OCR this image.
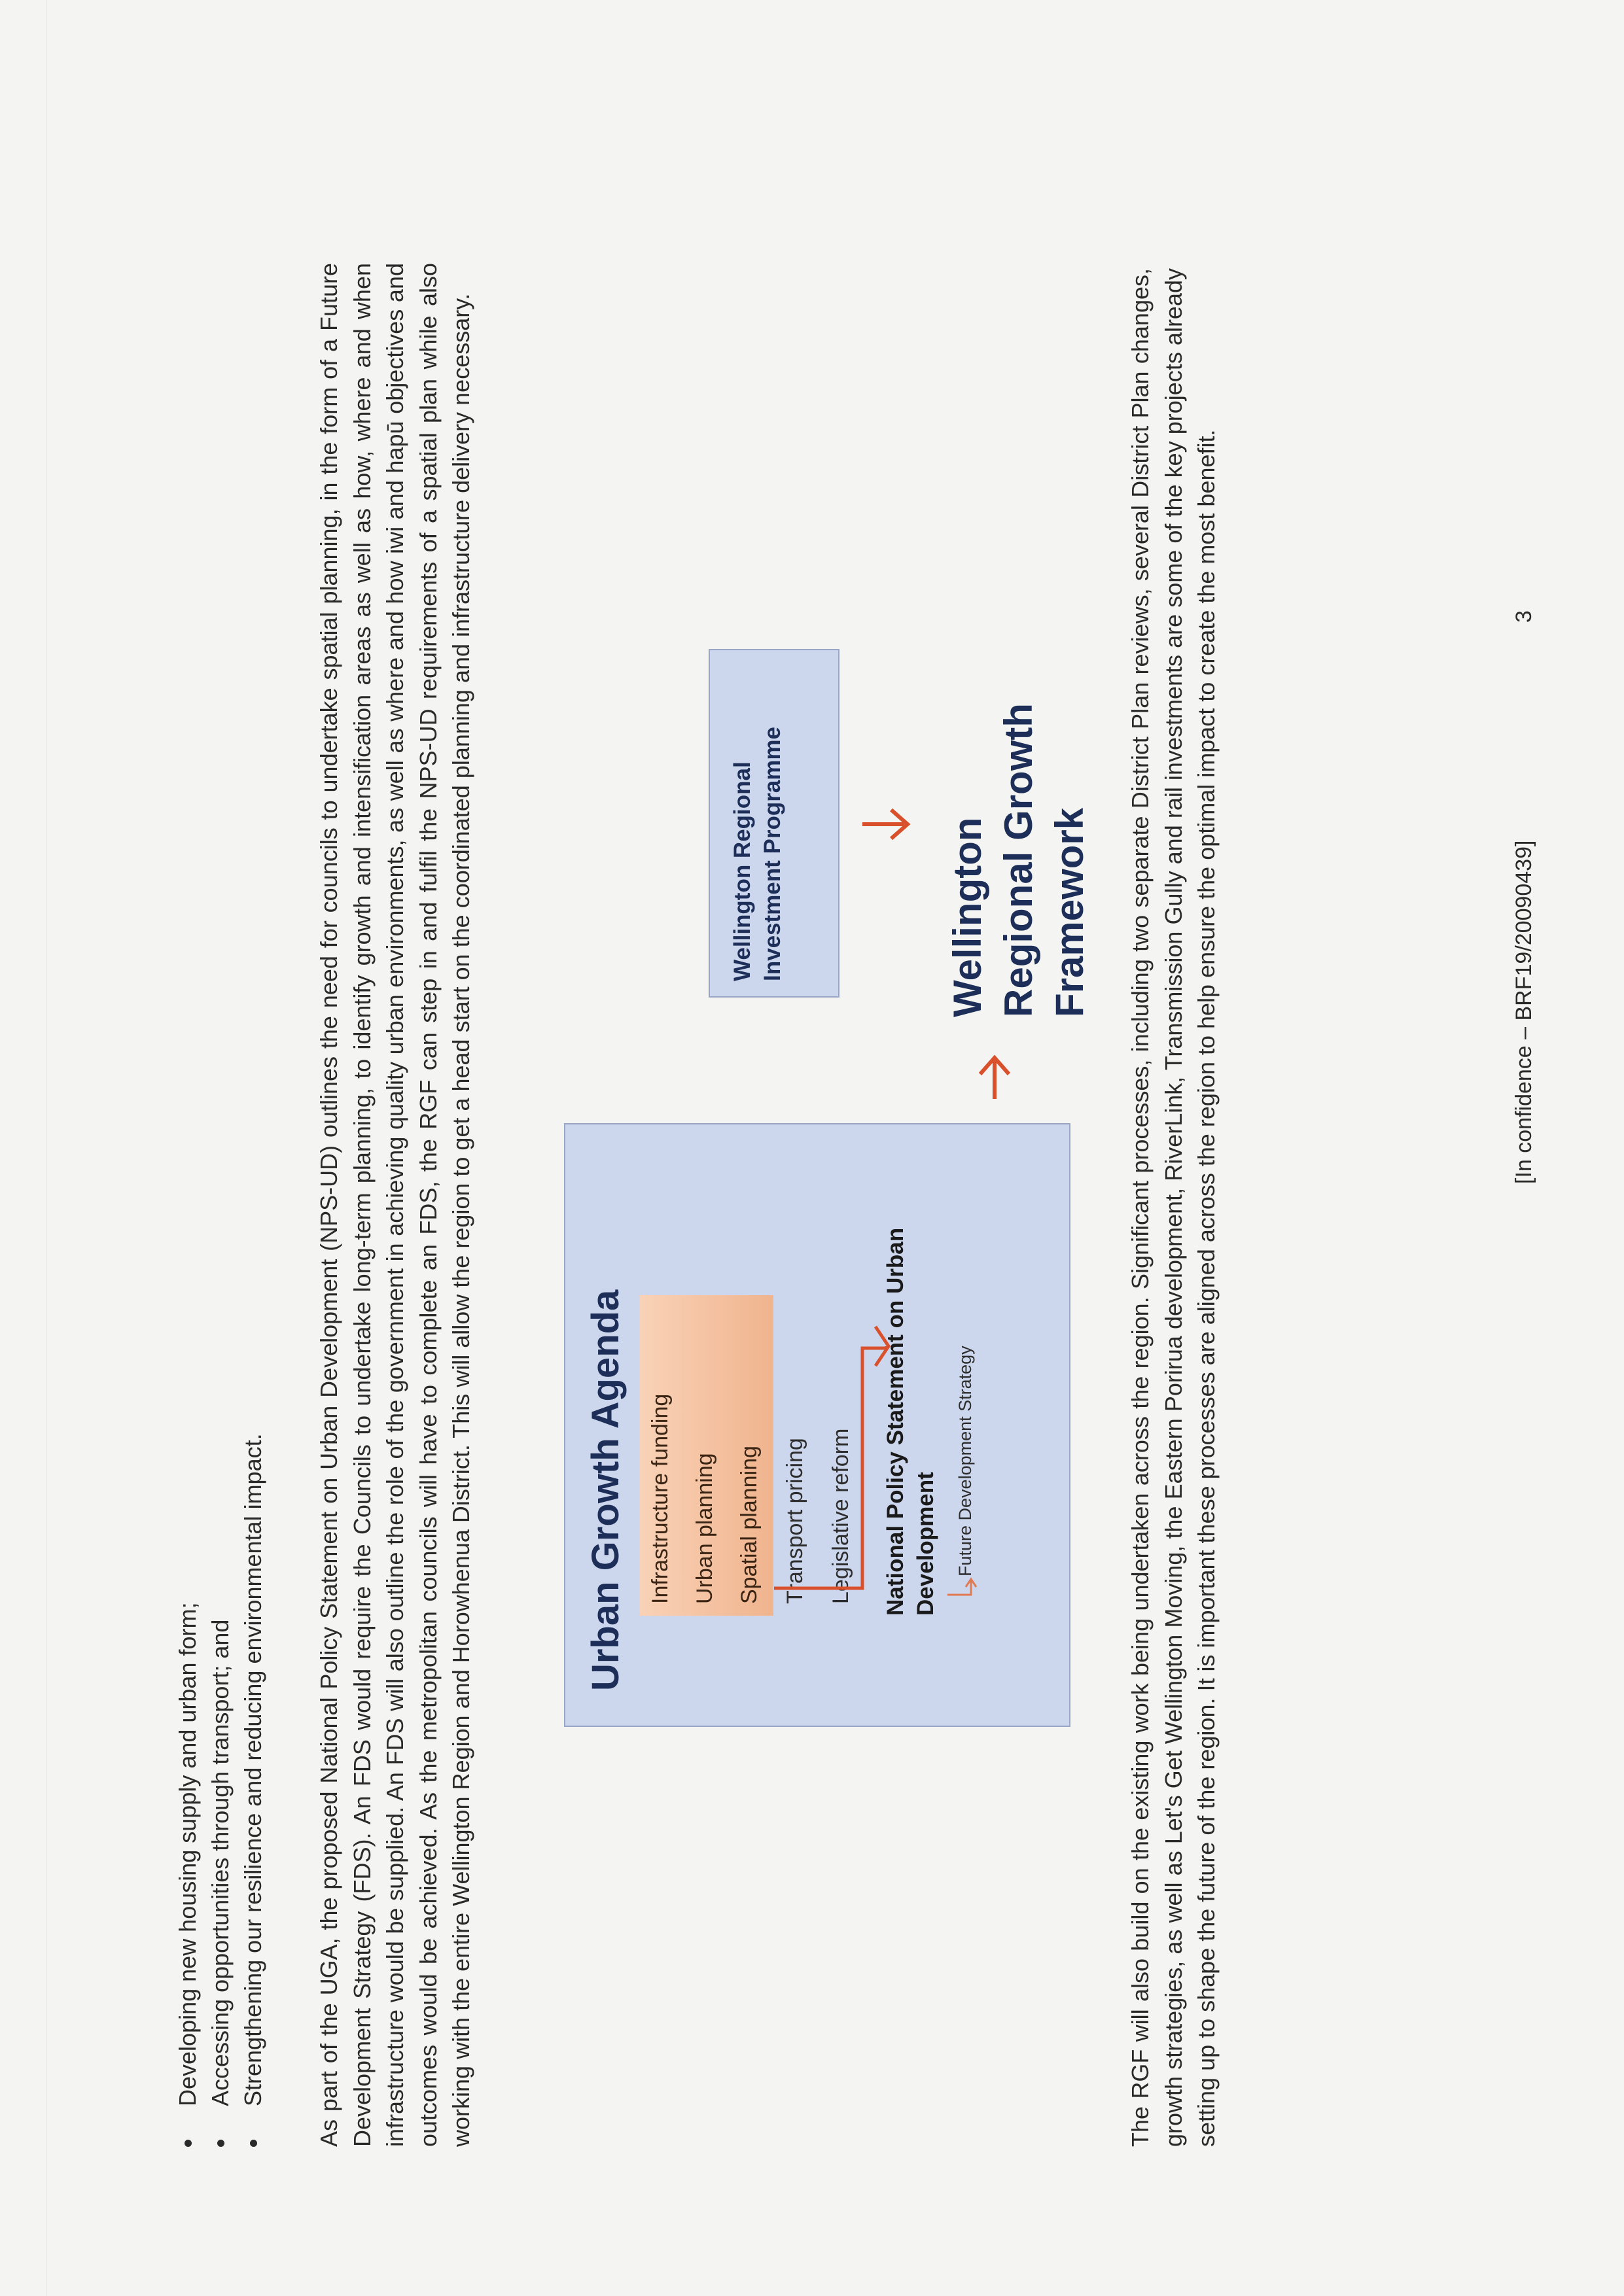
Developing new housing supply and urban form; Accessing opportunities through transport; and Strengthening our resilience and reducing environmental impact. As part of the UGA, the proposed National Policy Statement on Urban Development (NPS-UD) outlines the need for councils to undertake spatial planning, in the form of a Future Development Strategy (FDS). An FDS would require the Councils to undertake long-term planning, to identify growth and intensification areas as well as how, where and when infrastructure would be supplied. An FDS will also outline the role of the government in achieving quality urban environments, as well as where and how iwi and hapū objectives and outcomes would be achieved. As the metropolitan councils will have to complete an FDS, the RGF can step in and fulfil the NPS-UD requirements of a spatial plan while also working with the entire Wellington Region and Horowhenua District. This will allow the region to get a head start on the coordinated planning and infrastructure delivery necessary.	Urban Growth Agenda Infrastructure funding Urban planning Spatial planning Transport pricing Legislative reform National Policy Statement on Urban Development Future Development Strategy
Wellington Regional Investment Programme	Wellington Regional Growth Framework The RGF will also build on the existing work being undertaken across the region. Significant processes, including two separate District Plan reviews, several District Plan changes, growth strategies, as well as Let's Get Wellington Moving, the Eastern Porirua development, RiverLink, Transmission Gully and rail investments are some of the key projects already setting up to shape the future of the region. It is important these processes are aligned across the region to help ensure the optimal impact to create the most benefit.	[In confidence – BRF19/20090439]
3
